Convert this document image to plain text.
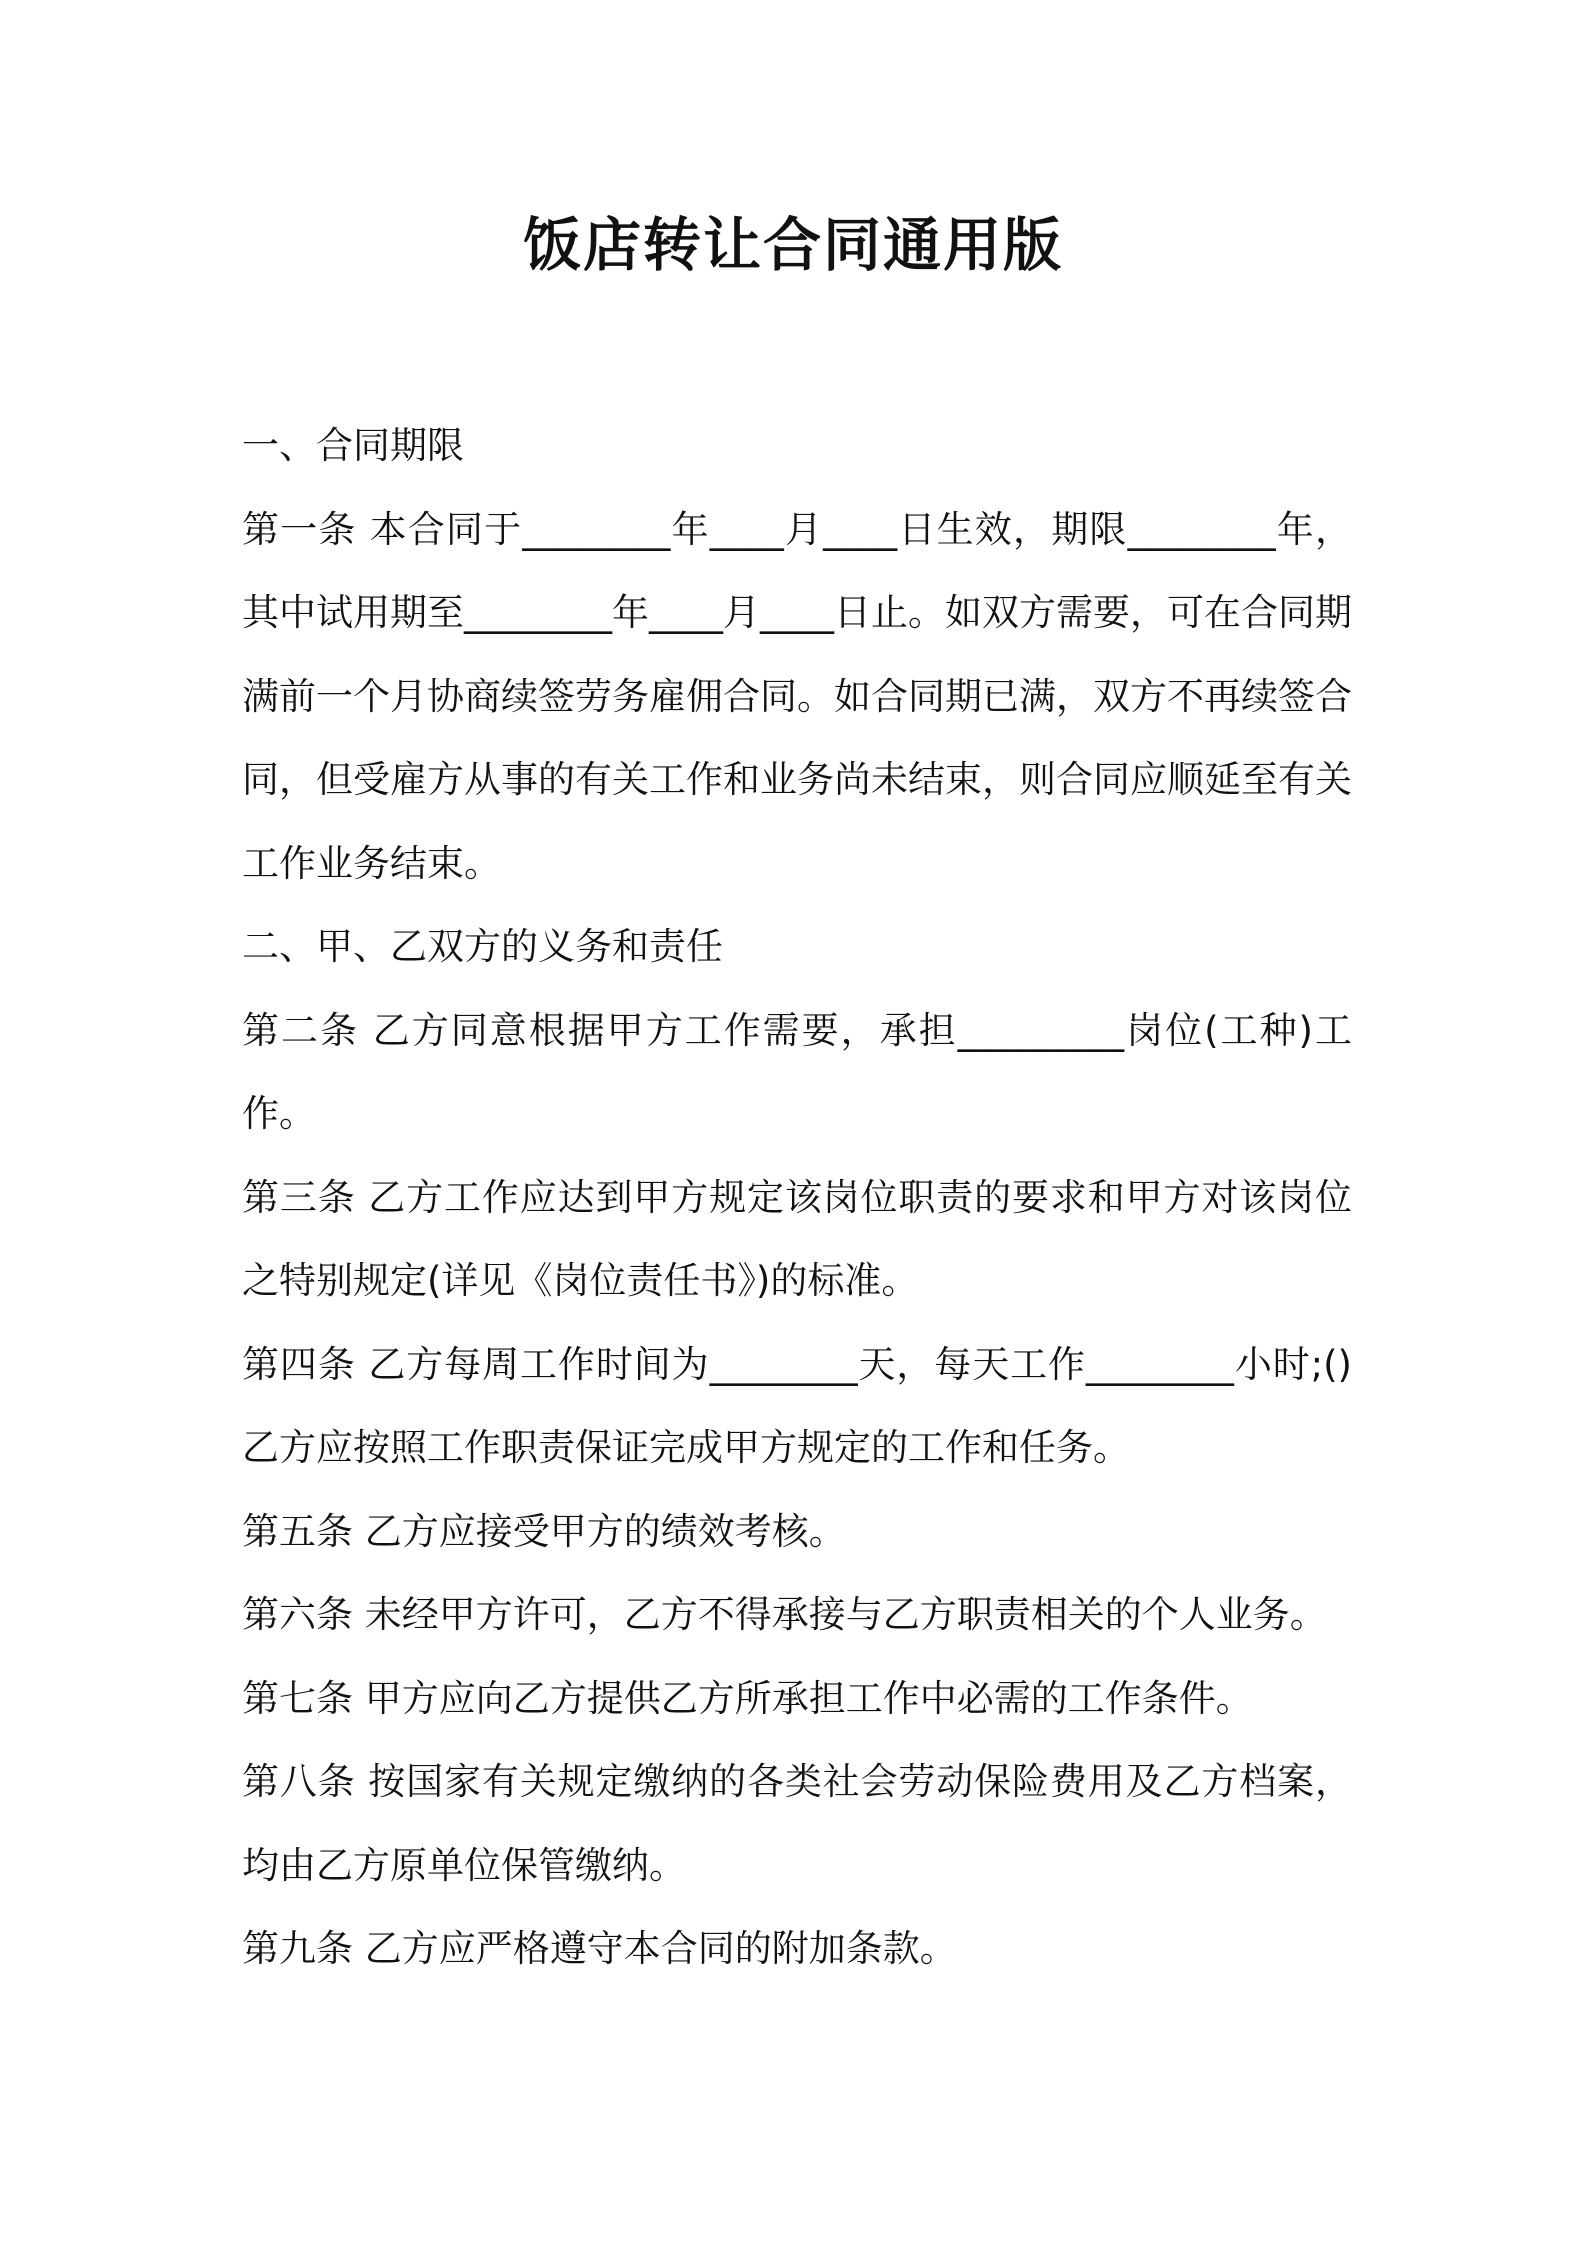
饭店转让合同通用版

一、合同期限

第一条 本合同于________年____月____日生效，期限________年，其中试用期至________年____月____日止。如双方需要，可在合同期满前一个月协商续签劳务雇佣合同。如合同期已满，双方不再续签合同，但受雇方从事的有关工作和业务尚未结束，则合同应顺延至有关工作业务结束。

二、甲、乙双方的义务和责任

第二条 乙方同意根据甲方工作需要，承担_________岗位(工种)工作。

第三条 乙方工作应达到甲方规定该岗位职责的要求和甲方对该岗位之特别规定(详见《岗位责任书》)的标准。

第四条 乙方每周工作时间为________天，每天工作________小时;()乙方应按照工作职责保证完成甲方规定的工作和任务。

第五条 乙方应接受甲方的绩效考核。

第六条 未经甲方许可，乙方不得承接与乙方职责相关的个人业务。

第七条 甲方应向乙方提供乙方所承担工作中必需的工作条件。

第八条 按国家有关规定缴纳的各类社会劳动保险费用及乙方档案，均由乙方原单位保管缴纳。

第九条 乙方应严格遵守本合同的附加条款。
